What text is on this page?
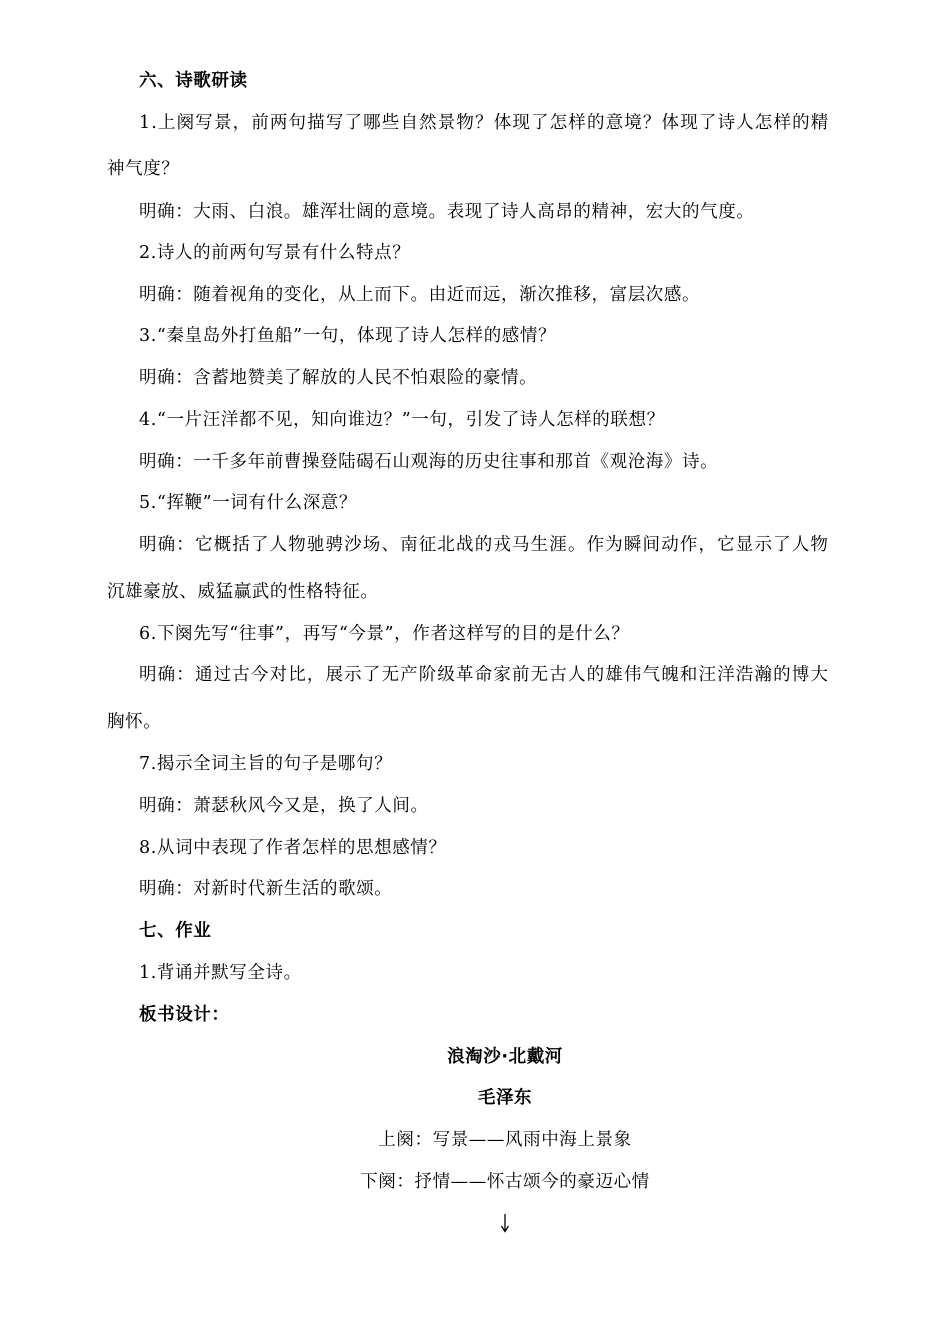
六、诗歌研读
1.上阕写景，前两句描写了哪些自然景物？体现了怎样的意境？体现了诗人怎样的精
神气度？
明确：大雨、白浪。雄浑壮阔的意境。表现了诗人高昂的精神，宏大的气度。
2.诗人的前两句写景有什么特点？
明确：随着视角的变化，从上而下。由近而远，渐次推移，富层次感。
3.“秦皇岛外打鱼船”一句，体现了诗人怎样的感情？
明确：含蓄地赞美了解放的人民不怕艰险的豪情。
4.“一片汪洋都不见，知向谁边？”一句，引发了诗人怎样的联想？
明确：一千多年前曹操登陆碣石山观海的历史往事和那首《观沧海》诗。
5.“挥鞭”一词有什么深意？
明确：它概括了人物驰骋沙场、南征北战的戎马生涯。作为瞬间动作，它显示了人物
沉雄豪放、威猛赢武的性格特征。
6.下阕先写“往事”，再写“今景”，作者这样写的目的是什么？
明确：通过古今对比，展示了无产阶级革命家前无古人的雄伟气魄和汪洋浩瀚的博大
胸怀。
7.揭示全词主旨的句子是哪句？
明确：萧瑟秋风今又是，换了人间。
8.从词中表现了作者怎样的思想感情？
明确：对新时代新生活的歌颂。
七、作业
1.背诵并默写全诗。
板书设计：
浪淘沙·北戴河
毛泽东
上阕：写景——风雨中海上景象
下阕：抒情——怀古颂今的豪迈心情
